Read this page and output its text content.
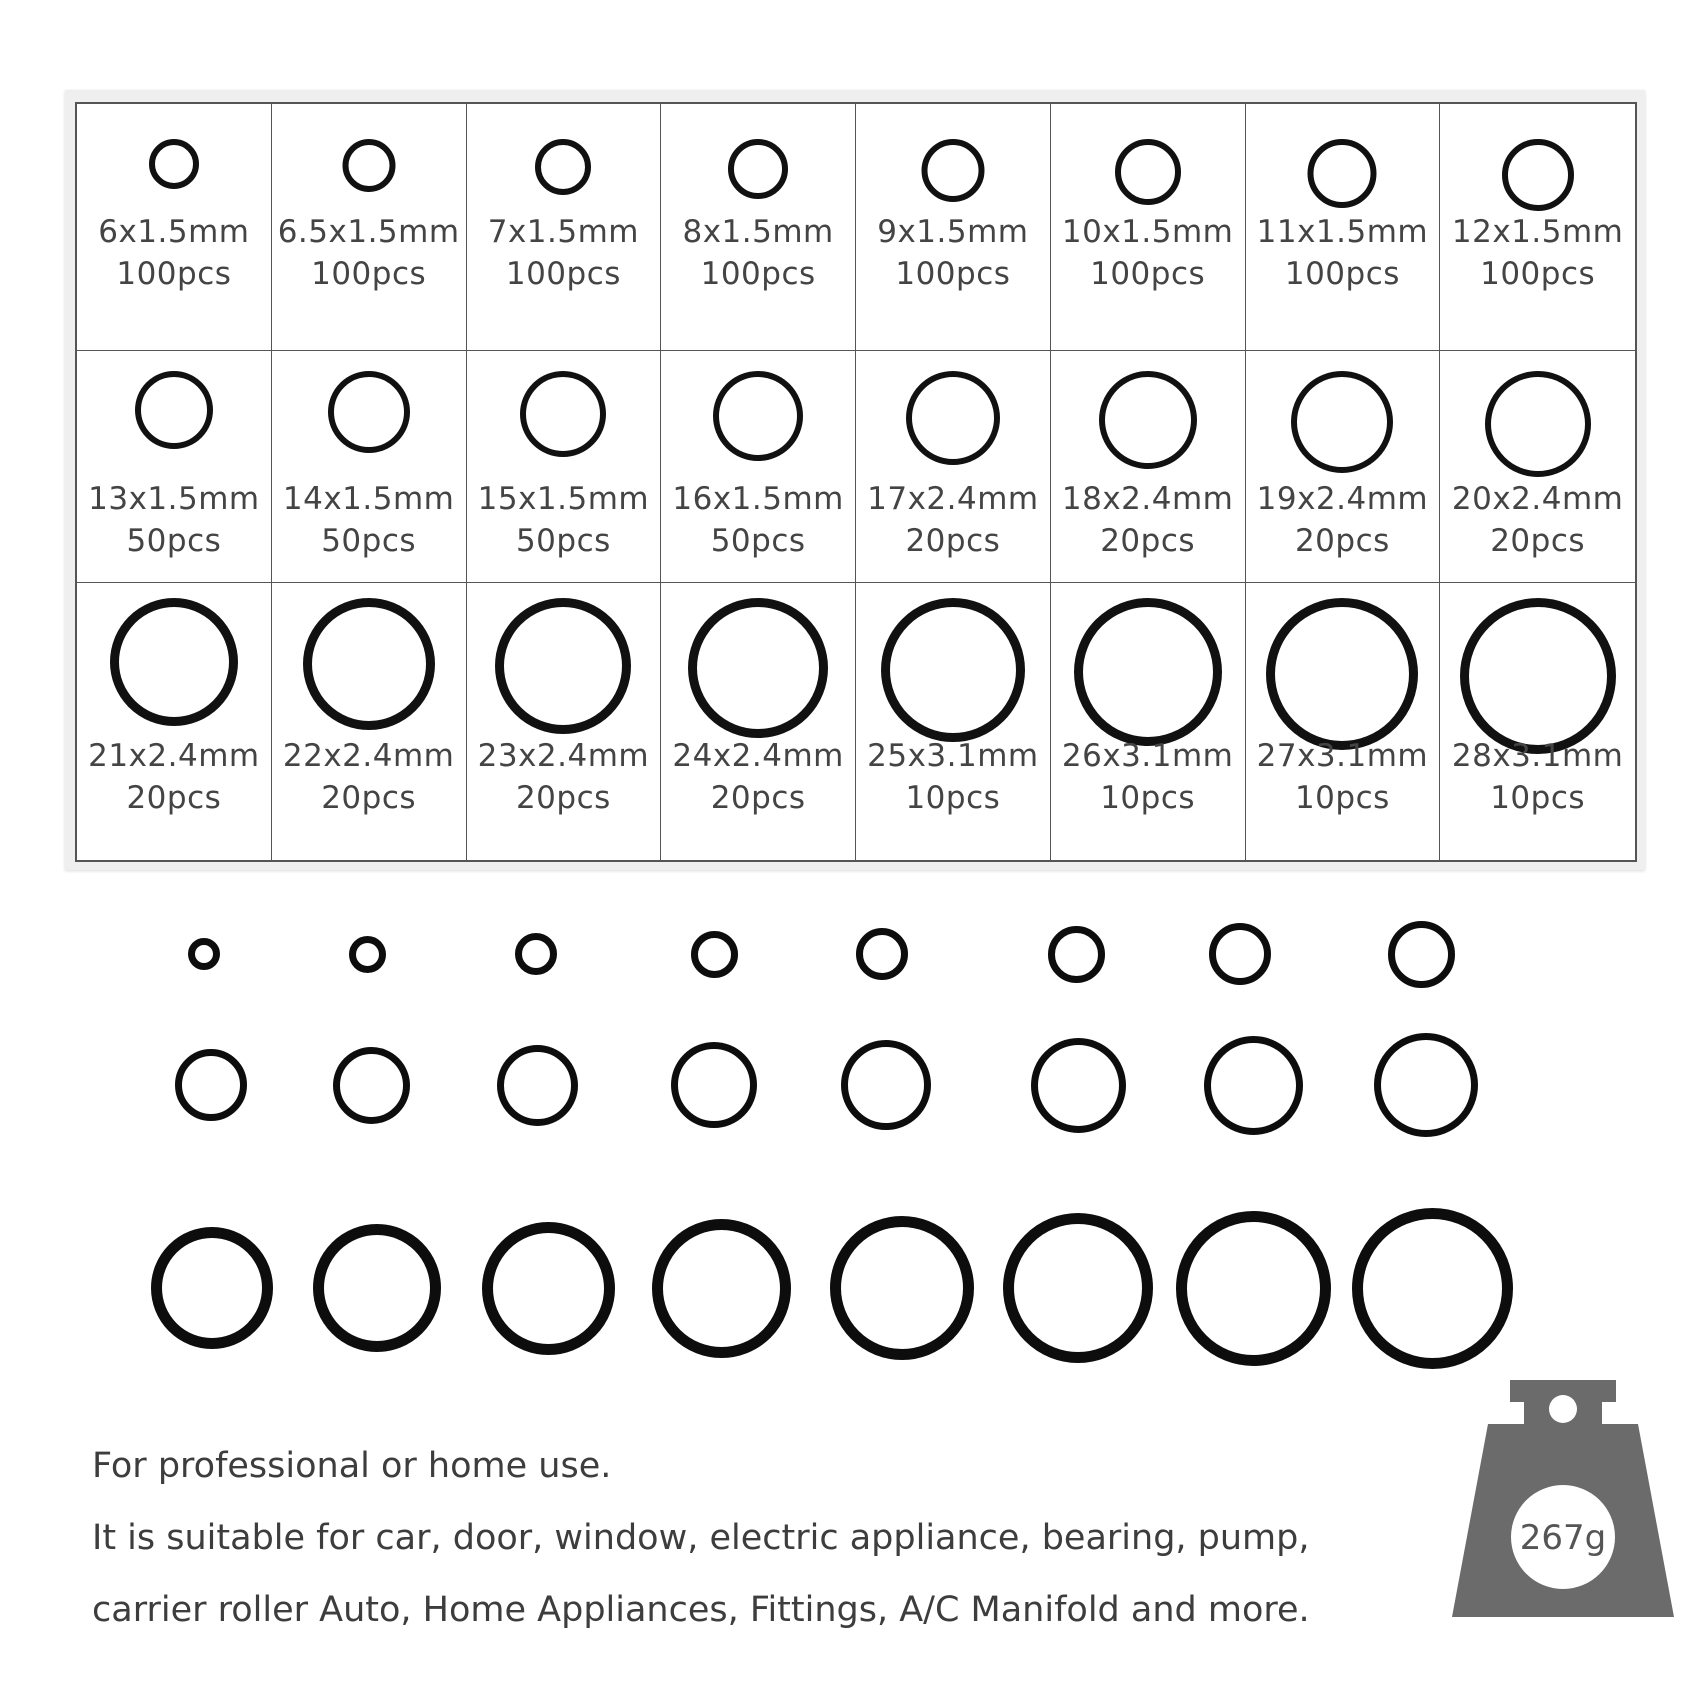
6x1.5mm
100pcs
6.5x1.5mm
100pcs
7x1.5mm
100pcs
8x1.5mm
100pcs
9x1.5mm
100pcs
10x1.5mm
100pcs
11x1.5mm
100pcs
12x1.5mm
100pcs
13x1.5mm
50pcs
14x1.5mm
50pcs
15x1.5mm
50pcs
16x1.5mm
50pcs
17x2.4mm
20pcs
18x2.4mm
20pcs
19x2.4mm
20pcs
20x2.4mm
20pcs
21x2.4mm
20pcs
22x2.4mm
20pcs
23x2.4mm
20pcs
24x2.4mm
20pcs
25x3.1mm
10pcs
26x3.1mm
10pcs
27x3.1mm
10pcs
28x3.1mm
10pcs

For professional or home use.

It is suitable for car, door, window, electric appliance, bearing, pump,

carrier roller Auto, Home Appliances, Fittings, A/C Manifold and more.

267g
